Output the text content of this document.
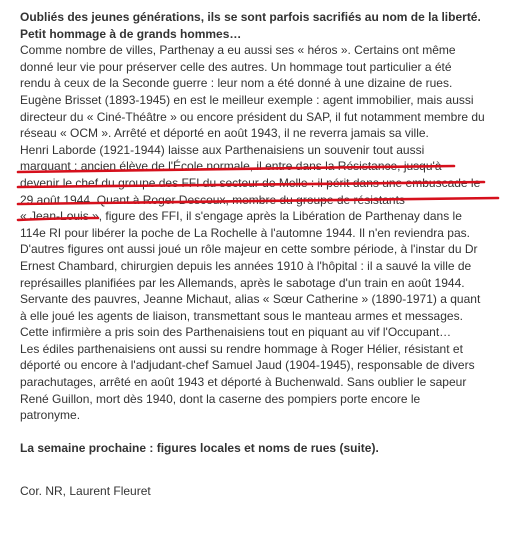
Oubliés des jeunes générations, ils se sont parfois sacrifiés au nom de la liberté.
Petit hommage à de grands hommes…
Comme nombre de villes, Parthenay a eu aussi ses « héros ». Certains ont même
donné leur vie pour préserver celle des autres. Un hommage tout particulier a été
rendu à ceux de la Seconde guerre : leur nom a été donné à une dizaine de rues.
Eugène Brisset (1893-1945) en est le meilleur exemple : agent immobilier, mais aussi
directeur du « Ciné-Théâtre » ou encore président du SAP, il fut notamment membre du
réseau « OCM ». Arrêté et déporté en août 1943, il ne reverra jamais sa ville.
Henri Laborde (1921-1944) laisse aux Parthenaisiens un souvenir tout aussi
marquant : ancien élève de l'École normale, il entre dans la Résistance, jusqu'à
devenir le chef du groupe des FFI du secteur de Melle : il périt dans une embuscade le
29 août 1944. Quant à Roger Descoux, membre du groupe de résistants
« Jean-Louis », figure des FFI, il s'engage après la Libération de Parthenay dans le
114e RI pour libérer la poche de La Rochelle à l'automne 1944. Il n'en reviendra pas.
D'autres figures ont aussi joué un rôle majeur en cette sombre période, à l'instar du Dr
Ernest Chambard, chirurgien depuis les années 1910 à l'hôpital : il a sauvé la ville de
représailles planifiées par les Allemands, après le sabotage d'un train en août 1944.
Servante des pauvres, Jeanne Michaut, alias « Sœur Catherine » (1890-1971) a quant
à elle joué les agents de liaison, transmettant sous le manteau armes et messages.
Cette infirmière a pris soin des Parthenaisiens tout en piquant au vif l'Occupant…
Les édiles parthenaisiens ont aussi su rendre hommage à Roger Hélier, résistant et
déporté ou encore à l'adjudant-chef Samuel Jaud (1904-1945), responsable de divers
parachutages, arrêté en août 1943 et déporté à Buchenwald. Sans oublier le sapeur
René Guillon, mort dès 1940, dont la caserne des pompiers porte encore le
patronyme.
La semaine prochaine : figures locales et noms de rues (suite).
Cor. NR, Laurent Fleuret
